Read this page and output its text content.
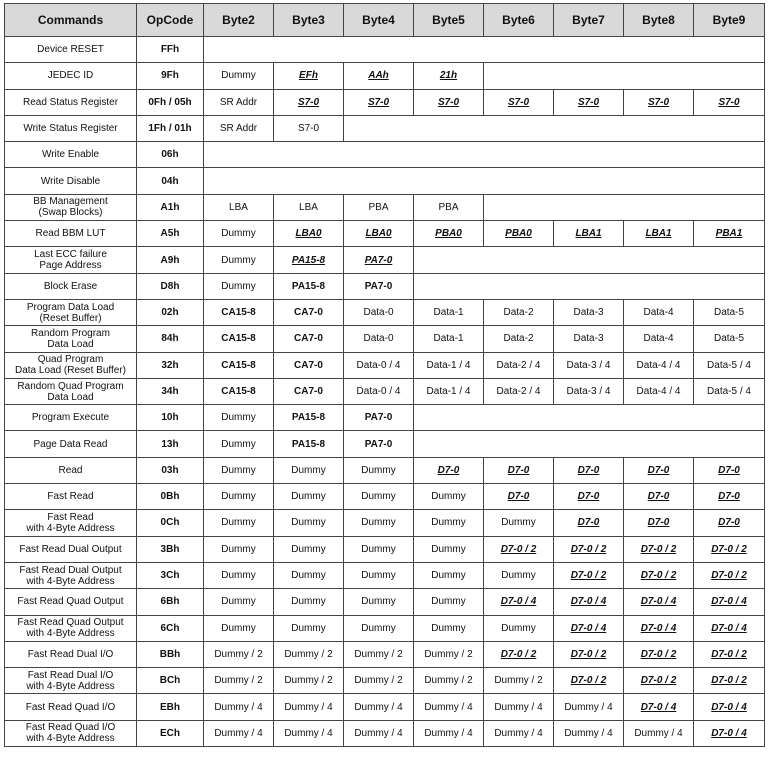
Commands	OpCode	Byte2	Byte3	Byte4	Byte5	Byte6	Byte7	Byte8	Byte9
Device RESET	FFh								
JEDEC ID	9Fh	Dummy	EFh	AAh	21h				
Read Status Register	0Fh / 05h	SR Addr	S7-0	S7-0	S7-0	S7-0	S7-0	S7-0	S7-0
Write Status Register	1Fh / 01h	SR Addr	S7-0						
Write Enable	06h								
Write Disable	04h								
BB Management
(Swap Blocks)	A1h	LBA	LBA	PBA	PBA				
Read BBM LUT	A5h	Dummy	LBA0	LBA0	PBA0	PBA0	LBA1	LBA1	PBA1
Last ECC failure
Page Address	A9h	Dummy	PA15-8	PA7-0					
Block Erase	D8h	Dummy	PA15-8	PA7-0					
Program Data Load
(Reset Buffer)	02h	CA15-8	CA7-0	Data-0	Data-1	Data-2	Data-3	Data-4	Data-5
Random Program
Data Load	84h	CA15-8	CA7-0	Data-0	Data-1	Data-2	Data-3	Data-4	Data-5
Quad Program
Data Load (Reset Buffer)	32h	CA15-8	CA7-0	Data-0 / 4	Data-1 / 4	Data-2 / 4	Data-3 / 4	Data-4 / 4	Data-5 / 4
Random Quad Program
Data Load	34h	CA15-8	CA7-0	Data-0 / 4	Data-1 / 4	Data-2 / 4	Data-3 / 4	Data-4 / 4	Data-5 / 4
Program Execute	10h	Dummy	PA15-8	PA7-0					
Page Data Read	13h	Dummy	PA15-8	PA7-0					
Read	03h	Dummy	Dummy	Dummy	D7-0	D7-0	D7-0	D7-0	D7-0
Fast Read	0Bh	Dummy	Dummy	Dummy	Dummy	D7-0	D7-0	D7-0	D7-0
Fast Read
with 4-Byte Address	0Ch	Dummy	Dummy	Dummy	Dummy	Dummy	D7-0	D7-0	D7-0
Fast Read Dual Output	3Bh	Dummy	Dummy	Dummy	Dummy	D7-0 / 2	D7-0 / 2	D7-0 / 2	D7-0 / 2
Fast Read Dual Output
with 4-Byte Address	3Ch	Dummy	Dummy	Dummy	Dummy	Dummy	D7-0 / 2	D7-0 / 2	D7-0 / 2
Fast Read Quad Output	6Bh	Dummy	Dummy	Dummy	Dummy	D7-0 / 4	D7-0 / 4	D7-0 / 4	D7-0 / 4
Fast Read Quad Output
with 4-Byte Address	6Ch	Dummy	Dummy	Dummy	Dummy	Dummy	D7-0 / 4	D7-0 / 4	D7-0 / 4
Fast Read Dual I/O	BBh	Dummy / 2	Dummy / 2	Dummy / 2	Dummy / 2	D7-0 / 2	D7-0 / 2	D7-0 / 2	D7-0 / 2
Fast Read Dual I/O
with 4-Byte Address	BCh	Dummy / 2	Dummy / 2	Dummy / 2	Dummy / 2	Dummy / 2	D7-0 / 2	D7-0 / 2	D7-0 / 2
Fast Read Quad I/O	EBh	Dummy / 4	Dummy / 4	Dummy / 4	Dummy / 4	Dummy / 4	Dummy / 4	D7-0 / 4	D7-0 / 4
Fast Read Quad I/O
with 4-Byte Address	ECh	Dummy / 4	Dummy / 4	Dummy / 4	Dummy / 4	Dummy / 4	Dummy / 4	Dummy / 4	D7-0 / 4
